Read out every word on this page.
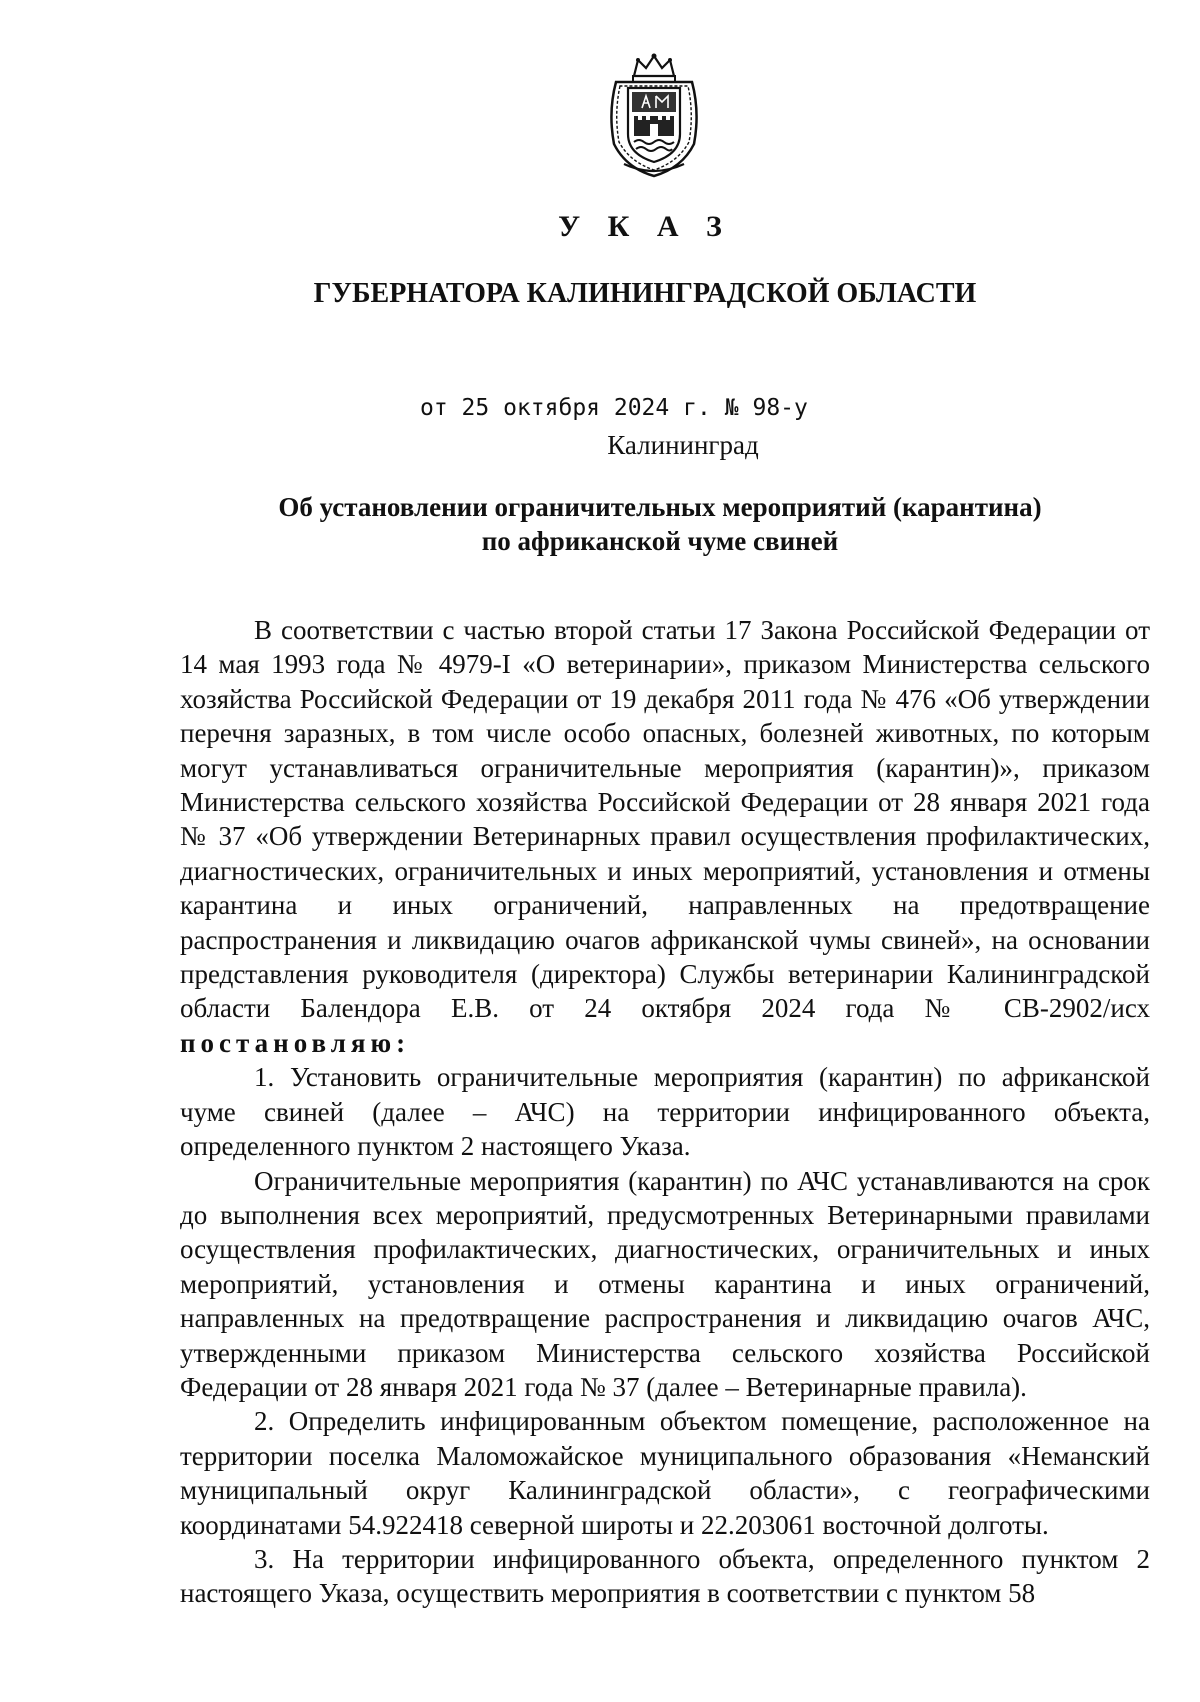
У К А З
ГУБЕРНАТОРА КАЛИНИНГРАДСКОЙ ОБЛАСТИ
от 25 октября 2024 г. № 98-у
Калининград
Об установлении ограничительных мероприятий (карантина)
по африканской чуме свиней

В соответствии с частью второй статьи 17 Закона Российской Федерации от 14 мая 1993 года № 4979-I «О ветеринарии», приказом Министерства сельского хозяйства Российской Федерации от 19 декабря 2011 года № 476 «Об утверждении перечня заразных, в том числе особо опасных, болезней животных, по которым могут устанавливаться ограничительные мероприятия (карантин)», приказом Министерства сельского хозяйства Российской Федерации от 28 января 2021 года № 37 «Об утверждении Ветеринарных правил осуществления профилактических, диагностических, ограничительных и иных мероприятий, установления и отмены карантина и иных ограничений, направленных на предотвращение распространения и ликвидацию очагов африканской чумы свиней», на основании представления руководителя (директора) Службы ветеринарии Калининградской области Балендора Е.В. от 24 октября 2024 года № СВ-2902/исх постановляю:

1. Установить ограничительные мероприятия (карантин) по африканской чуме свиней (далее – АЧС) на территории инфицированного объекта, определенного пунктом 2 настоящего Указа.

Ограничительные мероприятия (карантин) по АЧС устанавливаются на срок до выполнения всех мероприятий, предусмотренных Ветеринарными правилами осуществления профилактических, диагностических, ограничительных и иных мероприятий, установления и отмены карантина и иных ограничений, направленных на предотвращение распространения и ликвидацию очагов АЧС, утвержденными приказом Министерства сельского хозяйства Российской Федерации от 28 января 2021 года № 37 (далее – Ветеринарные правила).

2. Определить инфицированным объектом помещение, расположенное на территории поселка Маломожайское муниципального образования «Неманский муниципальный округ Калининградской области», с географическими координатами 54.922418 северной широты и 22.203061 восточной долготы.

3. На территории инфицированного объекта, определенного пунктом 2 настоящего Указа, осуществить мероприятия в соответствии с пунктом 58
